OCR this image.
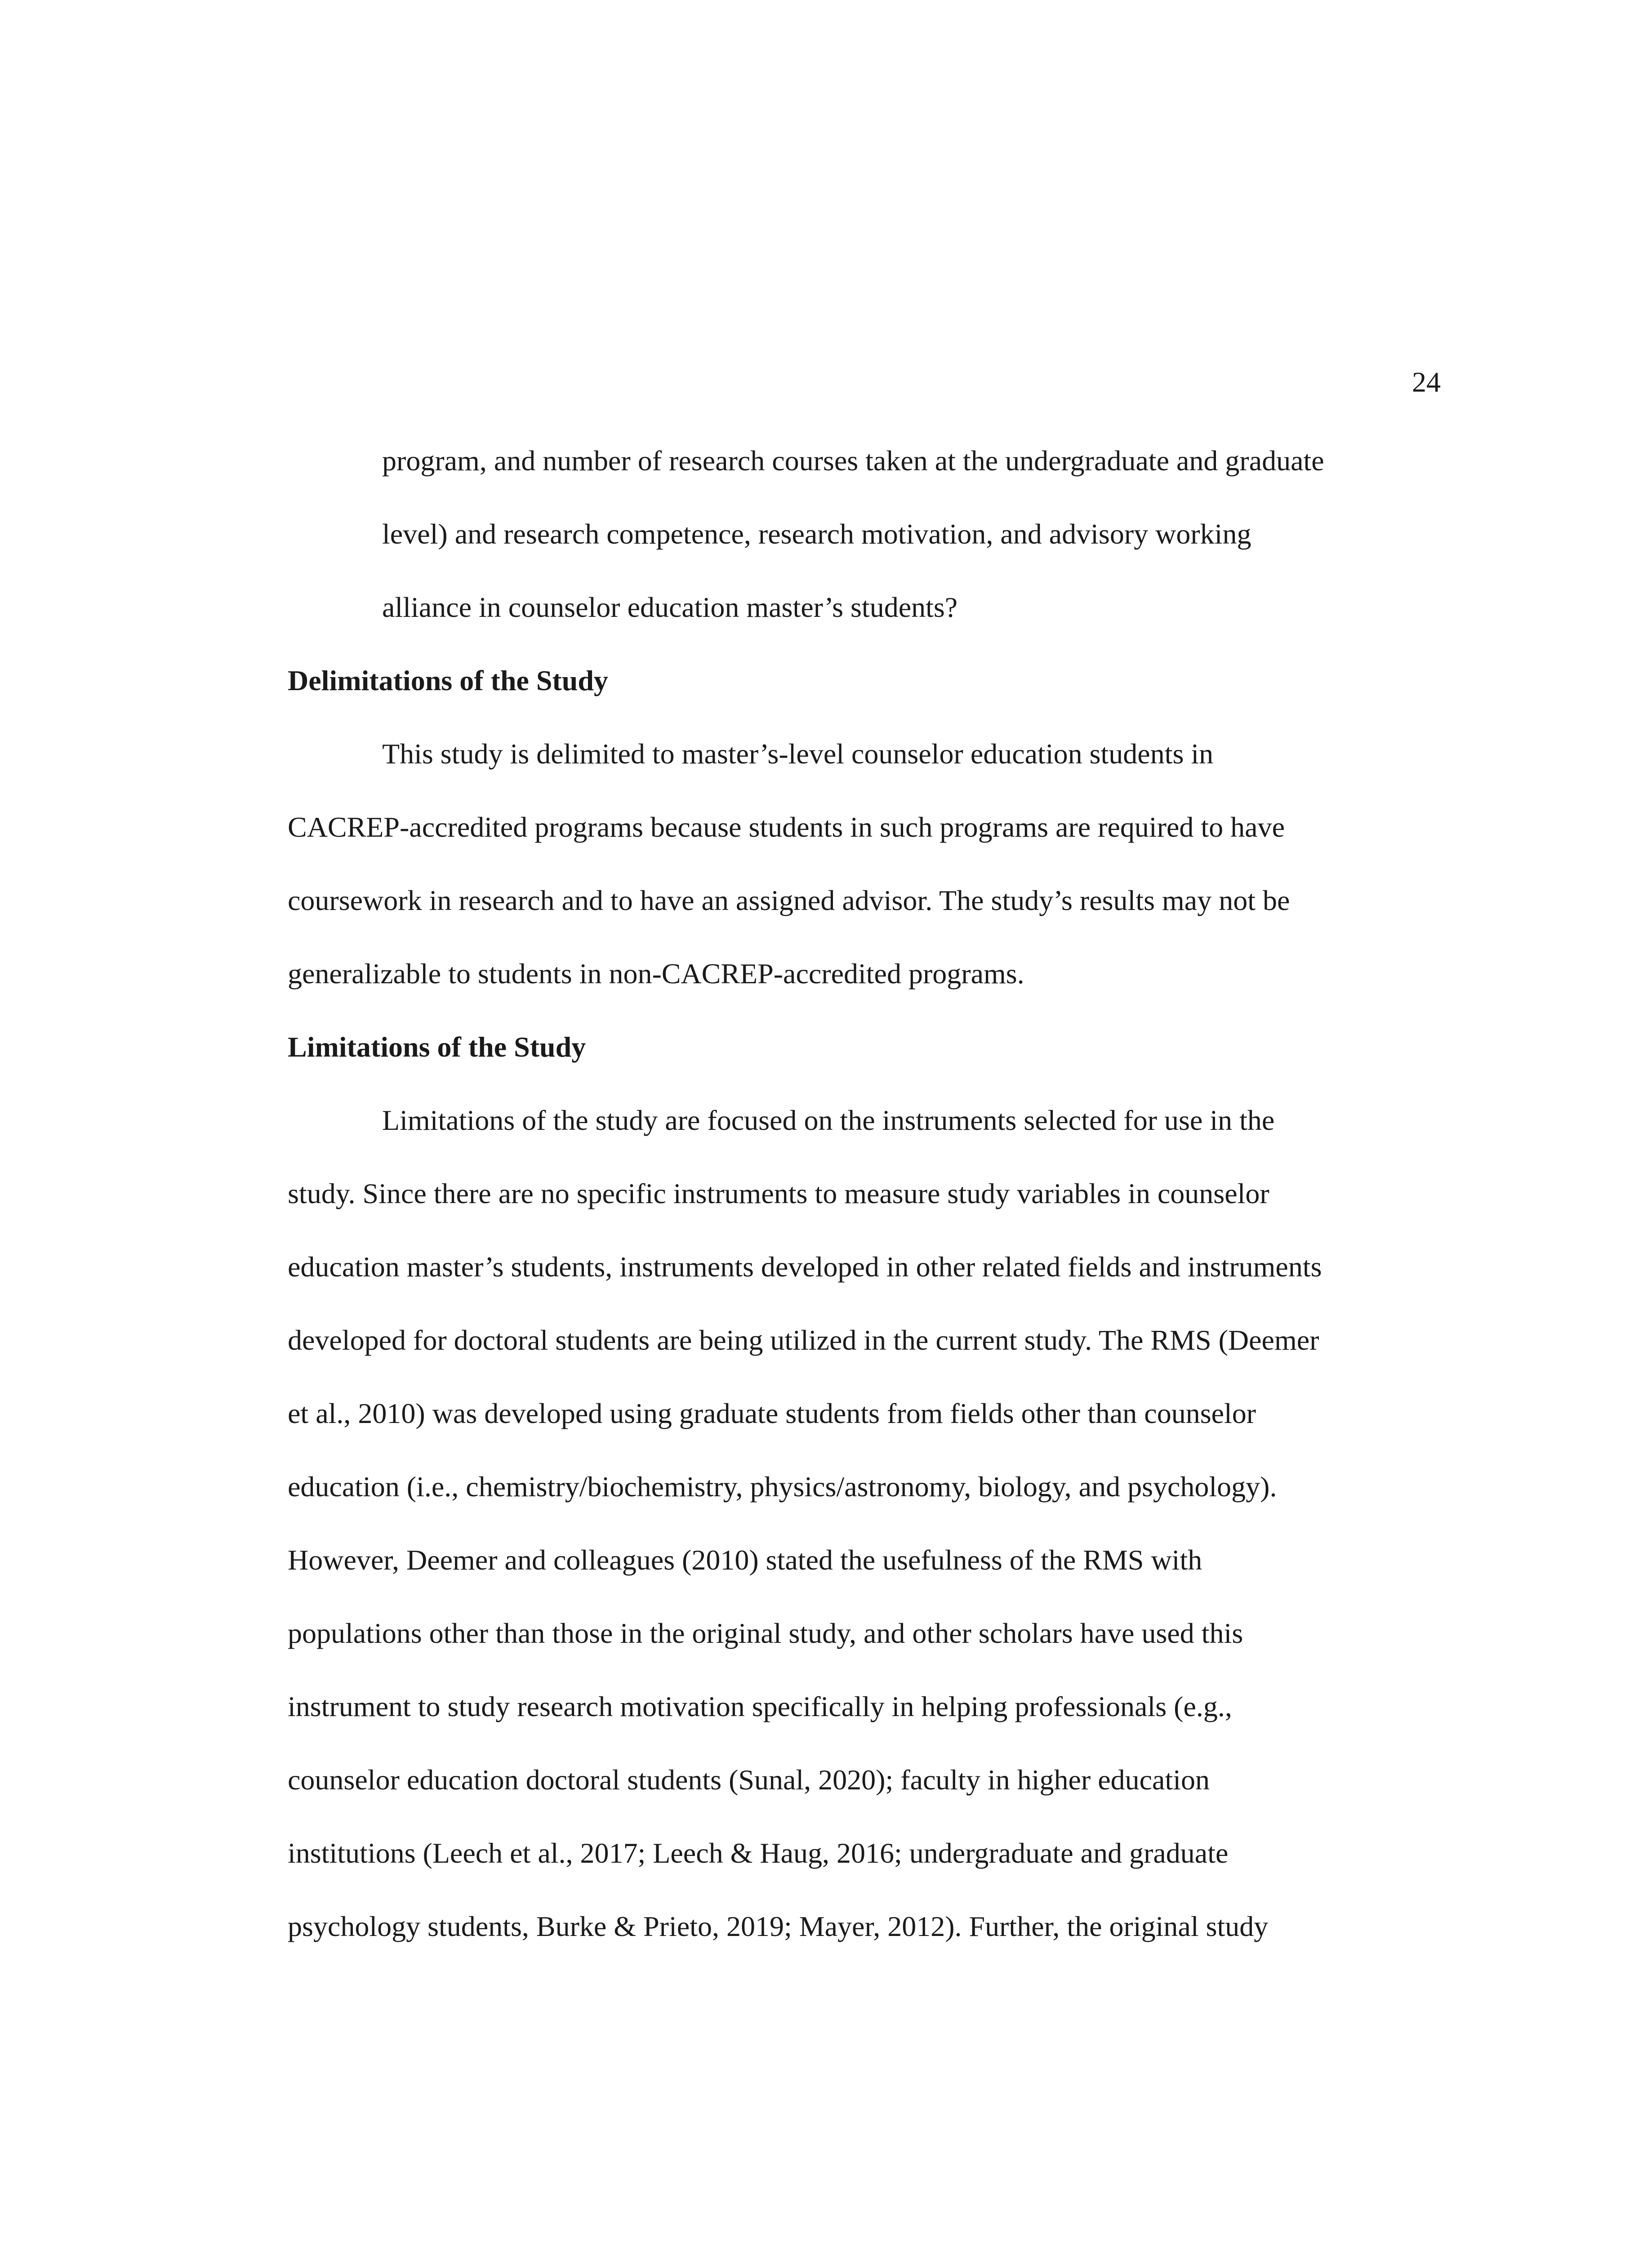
24
program, and number of research courses taken at the undergraduate and graduate
level) and research competence, research motivation, and advisory working
alliance in counselor education master’s students?
Delimitations of the Study
This study is delimited to master’s-level counselor education students in
CACREP-accredited programs because students in such programs are required to have
coursework in research and to have an assigned advisor. The study’s results may not be
generalizable to students in non-CACREP-accredited programs.
Limitations of the Study
Limitations of the study are focused on the instruments selected for use in the
study. Since there are no specific instruments to measure study variables in counselor
education master’s students, instruments developed in other related fields and instruments
developed for doctoral students are being utilized in the current study. The RMS (Deemer
et al., 2010) was developed using graduate students from fields other than counselor
education (i.e., chemistry/biochemistry, physics/astronomy, biology, and psychology).
However, Deemer and colleagues (2010) stated the usefulness of the RMS with
populations other than those in the original study, and other scholars have used this
instrument to study research motivation specifically in helping professionals (e.g.,
counselor education doctoral students (Sunal, 2020); faculty in higher education
institutions (Leech et al., 2017; Leech & Haug, 2016; undergraduate and graduate
psychology students, Burke & Prieto, 2019; Mayer, 2012). Further, the original study
